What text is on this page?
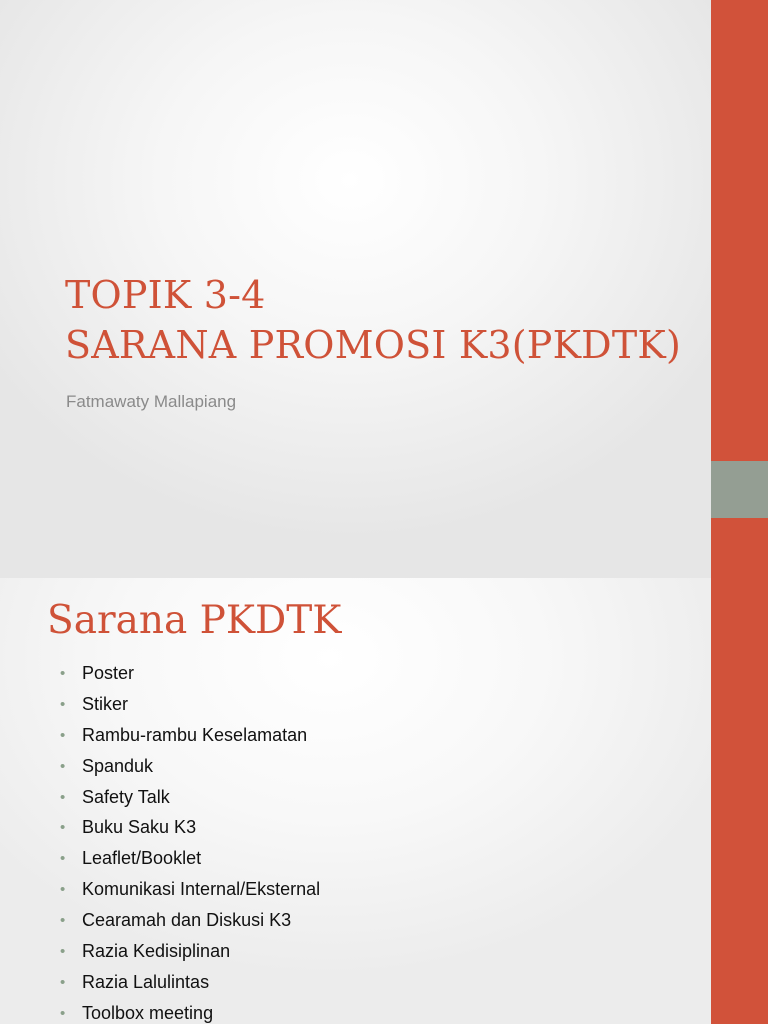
TOPIK 3-4
SARANA PROMOSI K3(PKDTK)
Fatmawaty Mallapiang
Sarana PKDTK
• Poster
• Stiker
• Rambu-rambu Keselamatan
• Spanduk
• Safety Talk
• Buku Saku K3
• Leaflet/Booklet
• Komunikasi Internal/Eksternal
• Cearamah dan Diskusi K3
• Razia Kedisiplinan
• Razia Lalulintas
• Toolbox meeting
